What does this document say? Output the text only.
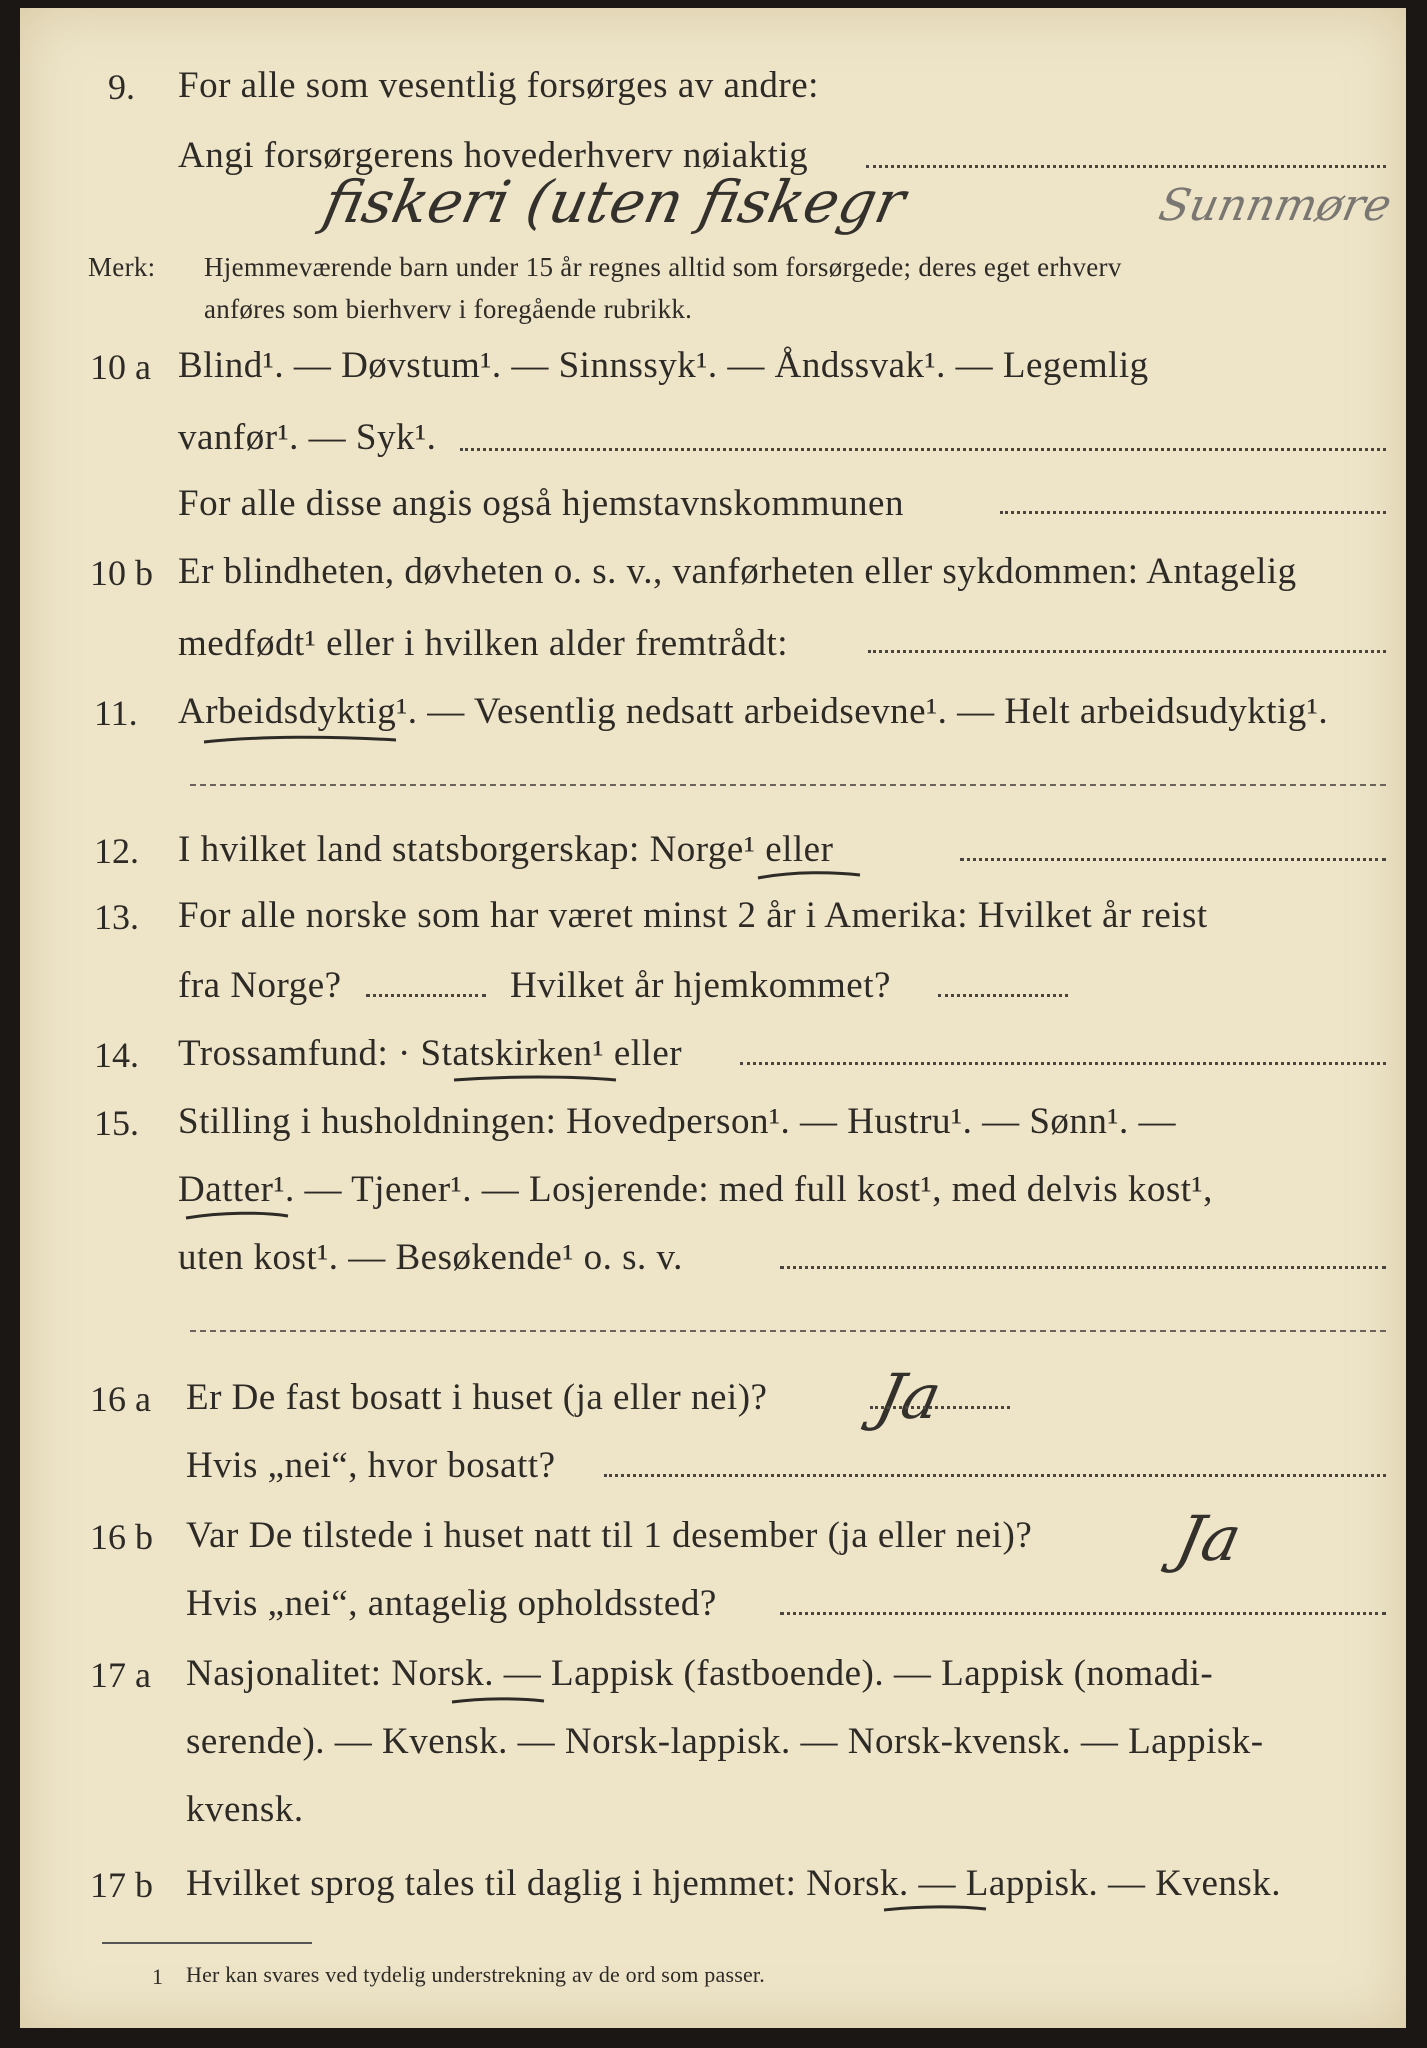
9. For alle som vesentlig forsørges av andre:
Angi forsørgerens hovederhverv nøiaktig
fiskeri (uten fiskegr	Sunnmøre
Merk: Hjemmeværende barn under 15 år regnes alltid som forsørgede; deres eget erhverv
anføres som bierhverv i foregående rubrikk.
10 a Blind¹. — Døvstum¹. — Sinnssyk¹. — Åndssvak¹. — Legemlig
vanfør¹. — Syk¹.
For alle disse angis også hjemstavnskommunen
10 b Er blindheten, døvheten o. s. v., vanførheten eller sykdommen: Antagelig
medfødt¹ eller i hvilken alder fremtrådt:
11. Arbeidsdyktig¹. — Vesentlig nedsatt arbeidsevne¹. — Helt arbeidsudyktig¹.
12. I hvilket land statsborgerskap: Norge¹ eller
13. For alle norske som har været minst 2 år i Amerika: Hvilket år reist
fra Norge?	Hvilket år hjemkommet?
14. Trossamfund: · Statskirken¹ eller
15. Stilling i husholdningen: Hovedperson¹. — Hustru¹. — Sønn¹. —
Datter¹. — Tjener¹. — Losjerende: med full kost¹, med delvis kost¹,
uten kost¹. — Besøkende¹ o. s. v.
16 a Er De fast bosatt i huset (ja eller nei)? Ja
Hvis „nei“, hvor bosatt?
16 b Var De tilstede i huset natt til 1 desember (ja eller nei)? Ja
Hvis „nei“, antagelig opholdssted?
17 a Nasjonalitet: Norsk. — Lappisk (fastboende). — Lappisk (nomadi-
serende). — Kvensk. — Norsk-lappisk. — Norsk-kvensk. — Lappisk-
kvensk.
17 b Hvilket sprog tales til daglig i hjemmet: Norsk. — Lappisk. — Kvensk.
1 Her kan svares ved tydelig understrekning av de ord som passer.
